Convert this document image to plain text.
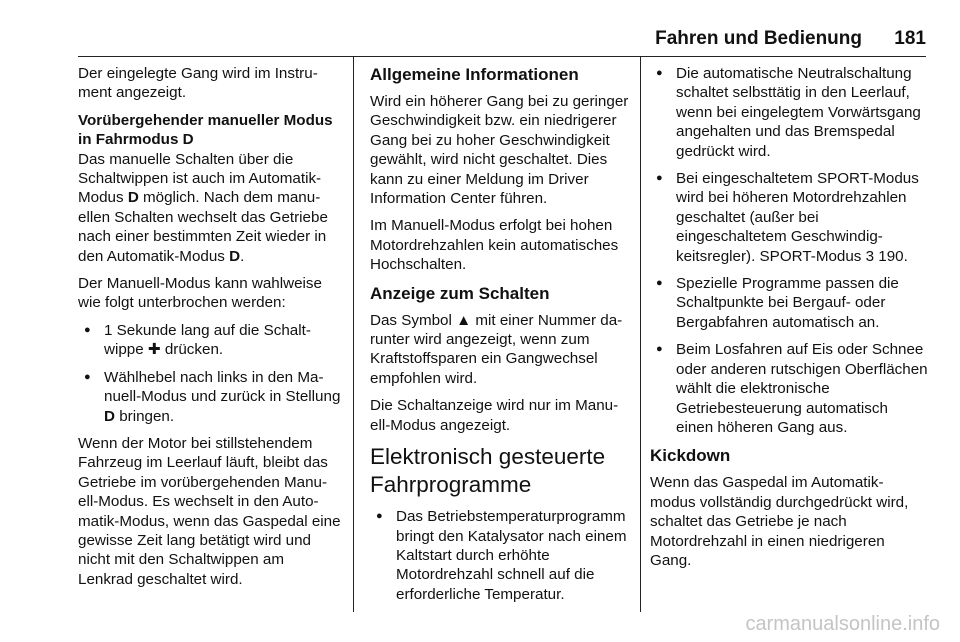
Fahren und Bedienung 181

Der eingelegte Gang wird im Instrument angezeigt.

Vorübergehender manueller Modus in Fahrmodus D

Das manuelle Schalten über die Schaltwippen ist auch im Automatik-Modus D möglich. Nach dem manuellen Schalten wechselt das Getriebe nach einer bestimmten Zeit wieder in den Automatik-Modus D.

Der Manuell-Modus kann wahlweise wie folgt unterbrochen werden:

● 1 Sekunde lang auf die Schaltwippe ✚ drücken.
● Wählhebel nach links in den Manuell-Modus und zurück in Stellung D bringen.

Wenn der Motor bei stillstehendem Fahrzeug im Leerlauf läuft, bleibt das Getriebe im vorübergehenden Manuell-Modus. Es wechselt in den Automatik-Modus, wenn das Gaspedal eine gewisse Zeit lang betätigt wird und nicht mit den Schaltwippen am Lenkrad geschaltet wird.

Allgemeine Informationen

Wird ein höherer Gang bei zu geringer Geschwindigkeit bzw. ein niedrigerer Gang bei zu hoher Geschwindigkeit gewählt, wird nicht geschaltet. Dies kann zu einer Meldung im Driver Information Center führen.

Im Manuell-Modus erfolgt bei hohen Motordrehzahlen kein automatisches Hochschalten.

Anzeige zum Schalten

Das Symbol ▲ mit einer Nummer darunter wird angezeigt, wenn zum Kraftstoffsparen ein Gangwechsel empfohlen wird.

Die Schaltanzeige wird nur im Manuell-Modus angezeigt.

Elektronisch gesteuerte Fahrprogramme
● Das Betriebstemperaturprogramm bringt den Katalysator nach einem Kaltstart durch erhöhte Motordrehzahl schnell auf die erforderliche Temperatur.
● Die automatische Neutralschaltung schaltet selbsttätig in den Leerlauf, wenn bei eingelegtem Vorwärtsgang angehalten und das Bremspedal gedrückt wird.
● Bei eingeschaltetem SPORT-Modus wird bei höheren Motordrehzahlen geschaltet (außer bei eingeschaltetem Geschwindigkeitsregler). SPORT-Modus 3 190.
● Spezielle Programme passen die Schaltpunkte bei Bergauf- oder Bergabfahren automatisch an.
● Beim Losfahren auf Eis oder Schnee oder anderen rutschigen Oberflächen wählt die elektronische Getriebesteuerung automatisch einen höheren Gang aus.
Kickdown

Wenn das Gaspedal im Automatik-modus vollständig durchgedrückt wird, schaltet das Getriebe je nach Motordrehzahl in einen niedrigeren Gang.

carmanualsonline.info
